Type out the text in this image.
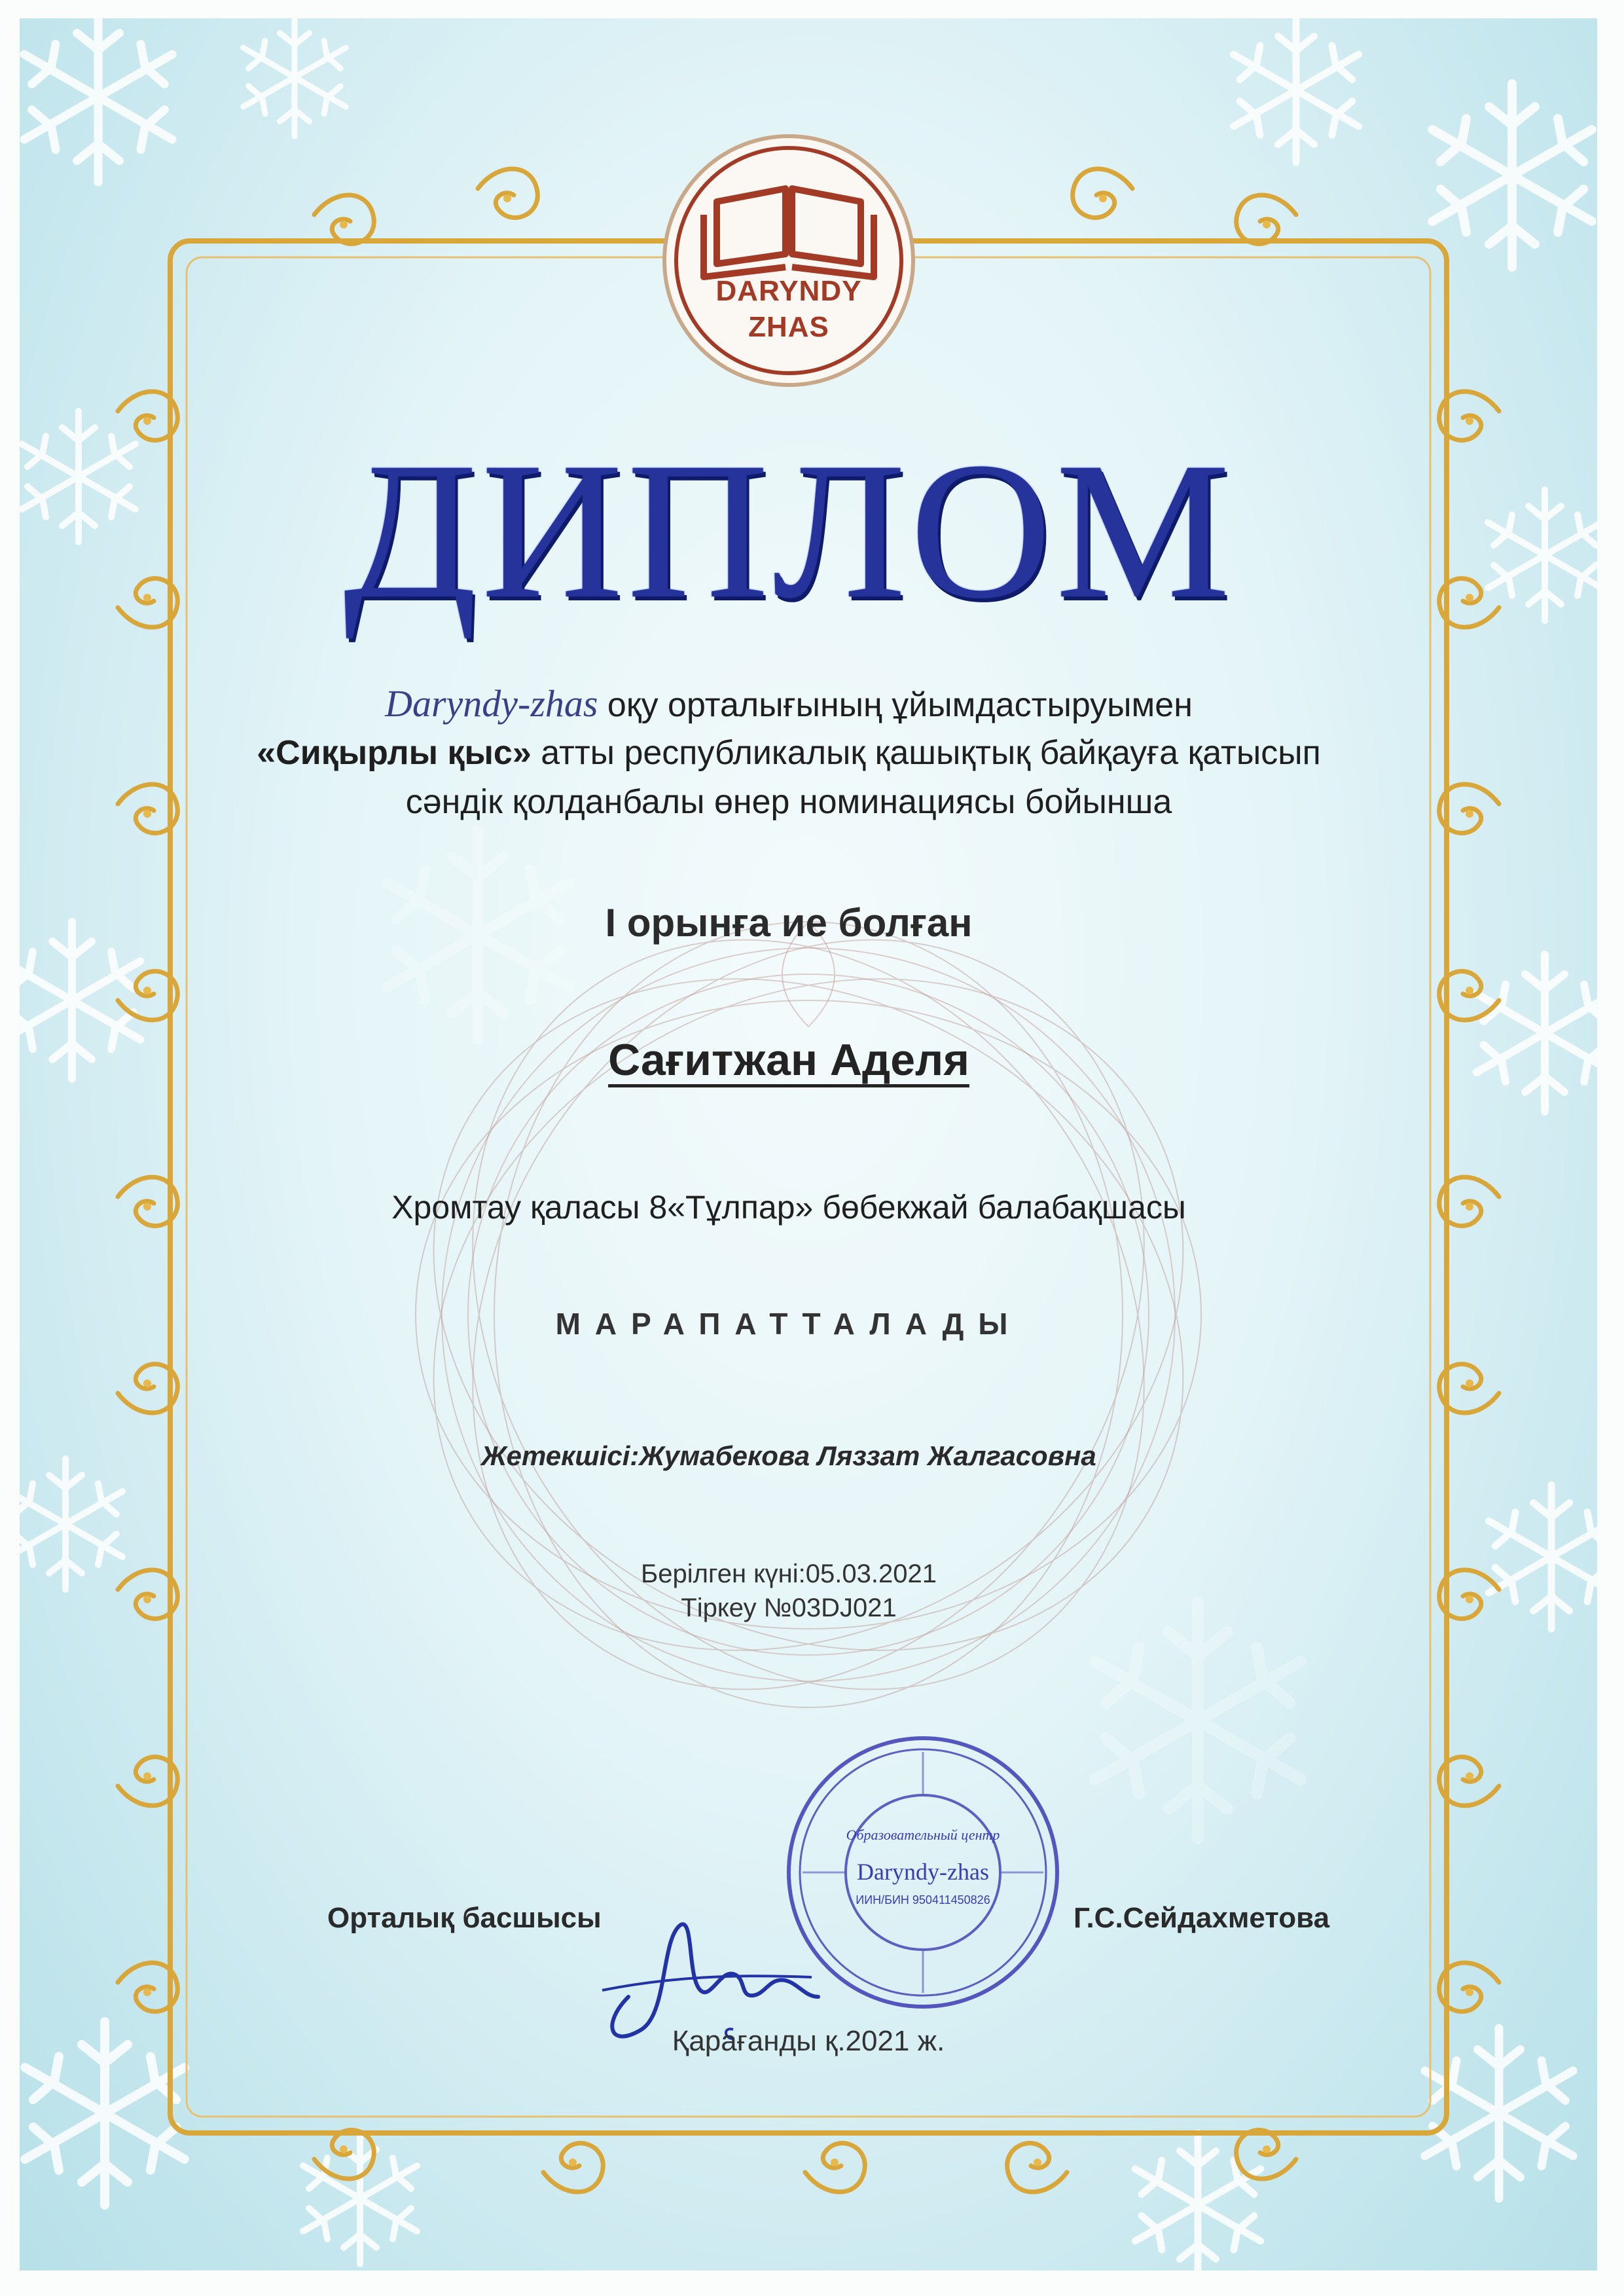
DARYNDY
ZHAS
ДИПЛОМ
Daryndy-zhas оқу орталығының ұйымдастыруымен
«Сиқырлы қыс» атты республикалық қашықтық байқауға қатысып
сәндік қолданбалы өнер номинациясы бойынша
І орынға ие болған
Сағитжан Аделя
Хромтау қаласы 8«Тұлпар» бөбекжай балабақшасы
МАРАПАТТАЛАДЫ
Жетекшісі:Жумабекова Ляззат Жалгасовна
Берілген күні:05.03.2021
Тіркеу №03DJ021
Образовательный центр
Daryndy-zhas
ИИН/БИН 950411450826
Орталық басшысы	Г.С.Сейдахметова
Қарағанды қ.2021 ж.
